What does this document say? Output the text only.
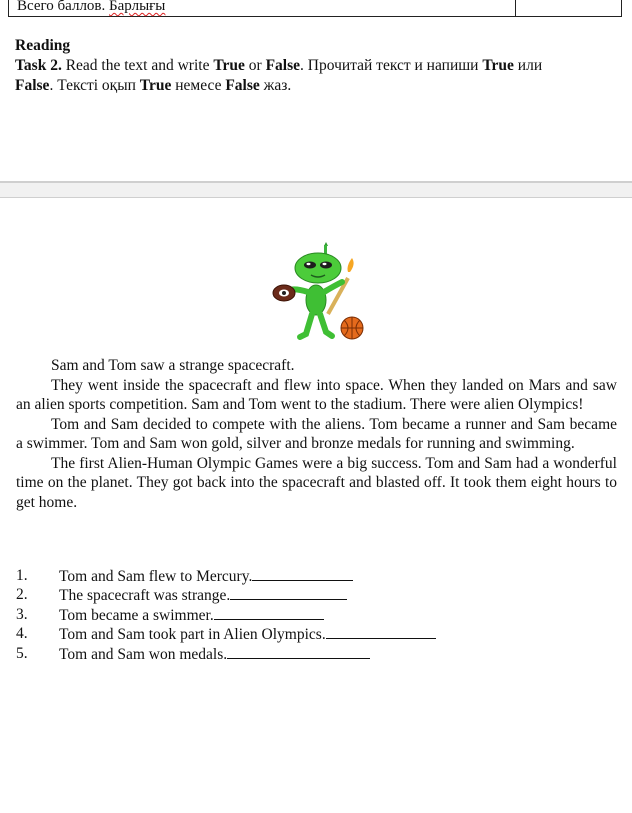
Всего баллов. Барлығы
Reading
Task 2. Read the text and write True or False. Прочитай текст и напиши True или
False. Текстi оқып True немесе False жаз.

Sam and Tom saw a strange spacecraft.

They went inside the spacecraft and flew into space. When they landed on Mars and saw an alien sports competition. Sam and Tom went to the stadium. There were alien Olympics!

Tom and Sam decided to compete with the aliens. Tom became a runner and Sam became a swimmer. Tom and Sam won gold, silver and bronze medals for running and swimming.

The first Alien-Human Olympic Games were a big success. Tom and Sam had a wonderful time on the planet. They got back into the spacecraft and blasted off. It took them eight hours to get home.

1. Tom and Sam flew to Mercury.
2. The spacecraft was strange.
3. Tom became a swimmer.
4. Tom and Sam took part in Alien Olympics.
5. Tom and Sam won medals.
